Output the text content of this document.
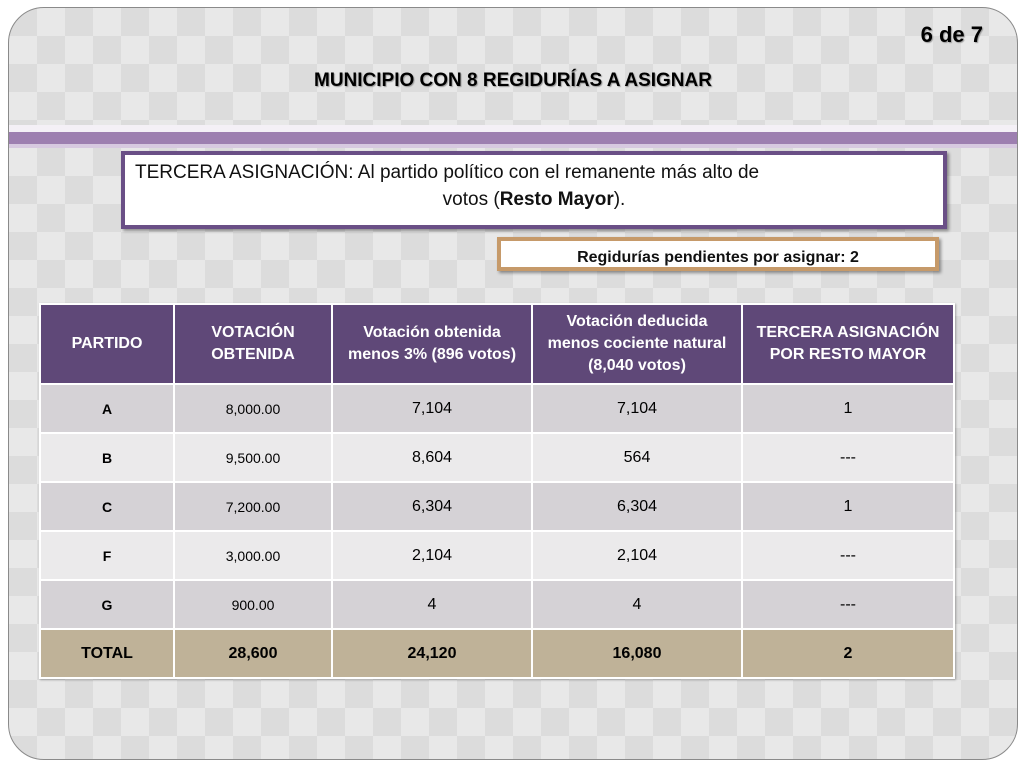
6 de 7
MUNICIPIO CON 8 REGIDURÍAS A ASIGNAR
TERCERA ASIGNACIÓN: Al partido político con el remanente más alto de
votos (Resto Mayor).
Regidurías pendientes por asignar: 2
PARTIDO	VOTACIÓN OBTENIDA	Votación obtenida menos 3% (896 votos)	Votación deducida menos cociente natural (8,040 votos)	TERCERA ASIGNACIÓN POR RESTO MAYOR
A	8,000.00	7,104	7,104	1
B	9,500.00	8,604	564	---
C	7,200.00	6,304	6,304	1
F	3,000.00	2,104	2,104	---
G	900.00	4	4	---
TOTAL	28,600	24,120	16,080	2
